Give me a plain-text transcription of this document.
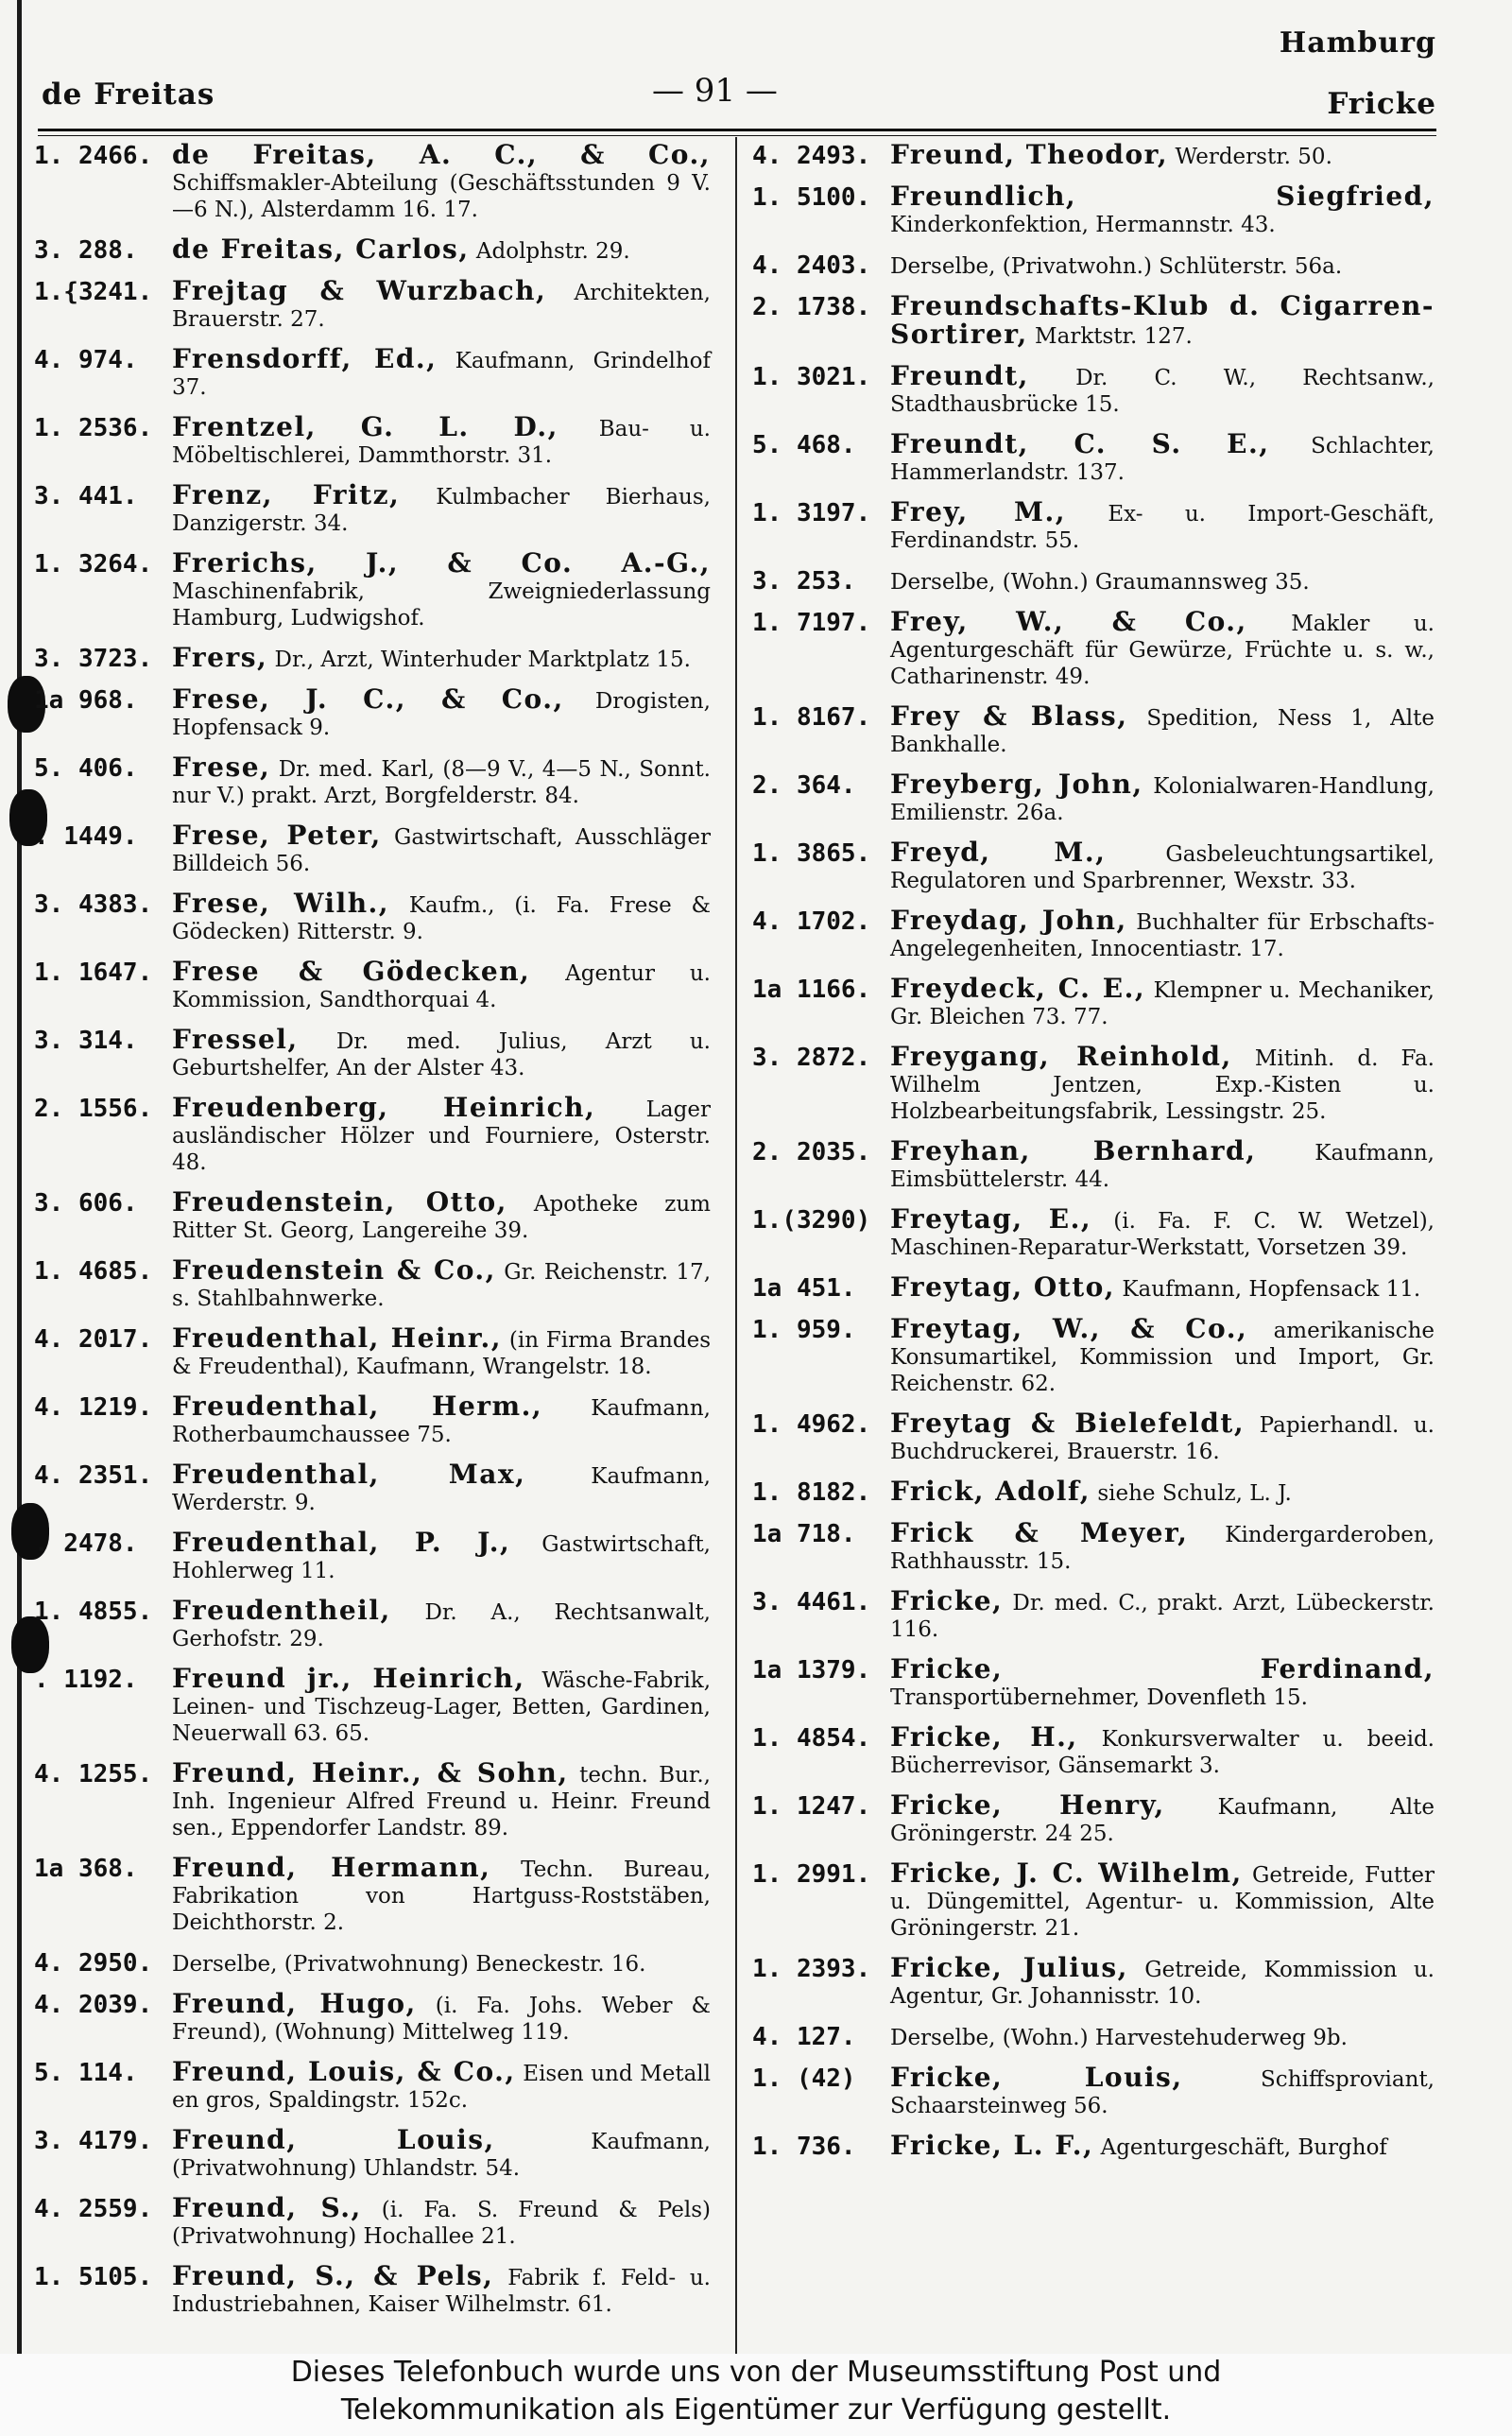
de Freitas	— 91 —
Hamburg
Fricke
1. 2466. de Freitas, A. C., & Co., Schiffsmakler-Abteilung (Geschäftsstunden 9 V.—6 N.), Alsterdamm 16. 17.
3. 288.	de Freitas, Carlos, Adolphstr. 29.
1.{3241. Frejtag & Wurzbach, Architekten, Brauerstr. 27.
4. 974.	Frensdorff, Ed., Kaufmann, Grindelhof 37.
1. 2536. Frentzel, G. L. D., Bau- u. Möbeltischlerei, Dammthorstr. 31.
3. 441.	Frenz, Fritz, Kulmbacher Bierhaus, Danzigerstr. 34.
1. 3264. Frerichs, J., & Co. A.-G., Maschinenfabrik, Zweigniederlassung Hamburg, Ludwigshof.
3. 3723. Frers, Dr., Arzt, Winterhuder Marktplatz 15.
1a 968.	Frese, J. C., & Co., Drogisten, Hopfensack 9.
5. 406.	Frese, Dr. med. Karl, (8—9 V., 4—5 N., Sonnt. nur V.) prakt. Arzt, Borgfelderstr. 84.
. 1449.	Frese, Peter, Gastwirtschaft, Ausschläger Billdeich 56.
3. 4383. Frese, Wilh., Kaufm., (i. Fa. Frese & Gödecken) Ritterstr. 9.
1. 1647. Frese & Gödecken, Agentur u. Kommission, Sandthorquai 4.
3. 314.	Fressel, Dr. med. Julius, Arzt u. Geburtshelfer, An der Alster 43.
2. 1556. Freudenberg, Heinrich, Lager ausländischer Hölzer und Fourniere, Osterstr. 48.
3. 606.	Freudenstein, Otto, Apotheke zum Ritter St. Georg, Langereihe 39.
1. 4685. Freudenstein & Co., Gr. Reichenstr. 17, s. Stahlbahnwerke.
4. 2017. Freudenthal, Heinr., (in Firma Brandes & Freudenthal), Kaufmann, Wrangelstr. 18.
4. 1219. Freudenthal, Herm., Kaufmann, Rotherbaumchaussee 75.
4. 2351. Freudenthal, Max, Kaufmann, Werderstr. 9.
. 2478.	Freudenthal, P. J., Gastwirtschaft, Hohlerweg 11.
1. 4855. Freudentheil, Dr. A., Rechtsanwalt, Gerhofstr. 29.
. 1192.	Freund jr., Heinrich, Wäsche-Fabrik, Leinen- und Tischzeug-Lager, Betten, Gardinen, Neuerwall 63. 65.
4. 1255. Freund, Heinr., & Sohn, techn. Bur., Inh. Ingenieur Alfred Freund u. Heinr. Freund sen., Eppendorfer Landstr. 89.
1a 368.	Freund, Hermann, Techn. Bureau, Fabrikation von Hartguss-Roststäben, Deichthorstr. 2.
4. 2950. Derselbe, (Privatwohnung) Beneckestr. 16.
4. 2039. Freund, Hugo, (i. Fa. Johs. Weber & Freund), (Wohnung) Mittelweg 119.
5. 114.	Freund, Louis, & Co., Eisen und Metall en gros, Spaldingstr. 152c.
3. 4179. Freund, Louis, Kaufmann, (Privatwohnung) Uhlandstr. 54.
4. 2559. Freund, S., (i. Fa. S. Freund & Pels) (Privatwohnung) Hochallee 21.
1. 5105. Freund, S., & Pels, Fabrik f. Feld- u. Industriebahnen, Kaiser Wilhelmstr. 61.
4. 2493. Freund, Theodor, Werderstr. 50.
1. 5100. Freundlich, Siegfried, Kinderkonfektion, Hermannstr. 43.
4. 2403. Derselbe, (Privatwohn.) Schlüterstr. 56a.
2. 1738. Freundschafts-Klub d. Cigarren-Sortirer, Marktstr. 127.
1. 3021. Freundt, Dr. C. W., Rechtsanw., Stadthausbrücke 15.
5. 468.	Freundt, C. S. E., Schlachter, Hammerlandstr. 137.
1. 3197. Frey, M., Ex- u. Import-Geschäft, Ferdinandstr. 55.
3. 253.	Derselbe, (Wohn.) Graumannsweg 35.
1. 7197. Frey, W., & Co., Makler u. Agenturgeschäft für Gewürze, Früchte u. s. w., Catharinenstr. 49.
1. 8167. Frey & Blass, Spedition, Ness 1, Alte Bankhalle.
2. 364.	Freyberg, John, Kolonialwaren-Handlung, Emilienstr. 26a.
1. 3865. Freyd, M., Gasbeleuchtungsartikel, Regulatoren und Sparbrenner, Wexstr. 33.
4. 1702. Freydag, John, Buchhalter für Erbschafts-Angelegenheiten, Innocentiastr. 17.
1a 1166. Freydeck, C. E., Klempner u. Mechaniker, Gr. Bleichen 73. 77.
3. 2872. Freygang, Reinhold, Mitinh. d. Fa. Wilhelm Jentzen, Exp.-Kisten u. Holzbearbeitungsfabrik, Lessingstr. 25.
2. 2035. Freyhan, Bernhard, Kaufmann, Eimsbüttelerstr. 44.
1.(3290) Freytag, E., (i. Fa. F. C. W. Wetzel), Maschinen-Reparatur-Werkstatt, Vorsetzen 39.
1a 451.	Freytag, Otto, Kaufmann, Hopfensack 11.
1. 959.	Freytag, W., & Co., amerikanische Konsumartikel, Kommission und Import, Gr. Reichenstr. 62.
1. 4962. Freytag & Bielefeldt, Papierhandl. u. Buchdruckerei, Brauerstr. 16.
1. 8182. Frick, Adolf, siehe Schulz, L. J.
1a 718.	Frick & Meyer, Kindergarderoben, Rathhausstr. 15.
3. 4461. Fricke, Dr. med. C., prakt. Arzt, Lübeckerstr. 116.
1a 1379. Fricke, Ferdinand, Transportübernehmer, Dovenfleth 15.
1. 4854. Fricke, H., Konkursverwalter u. beeid. Bücherrevisor, Gänsemarkt 3.
1. 1247. Fricke, Henry, Kaufmann, Alte Gröningerstr. 24 25.
1. 2991. Fricke, J. C. Wilhelm, Getreide, Futter u. Düngemittel, Agentur- u. Kommission, Alte Gröningerstr. 21.
1. 2393. Fricke, Julius, Getreide, Kommission u. Agentur, Gr. Johannisstr. 10.
4. 127.	Derselbe, (Wohn.) Harvestehuderweg 9b.
1. (42)	Fricke, Louis, Schiffsproviant, Schaarsteinweg 56.
1. 736.	Fricke, L. F., Agenturgeschäft, Burghof
Dieses Telefonbuch wurde uns von der Museumsstiftung Post und
Telekommunikation als Eigentümer zur Verfügung gestellt.
